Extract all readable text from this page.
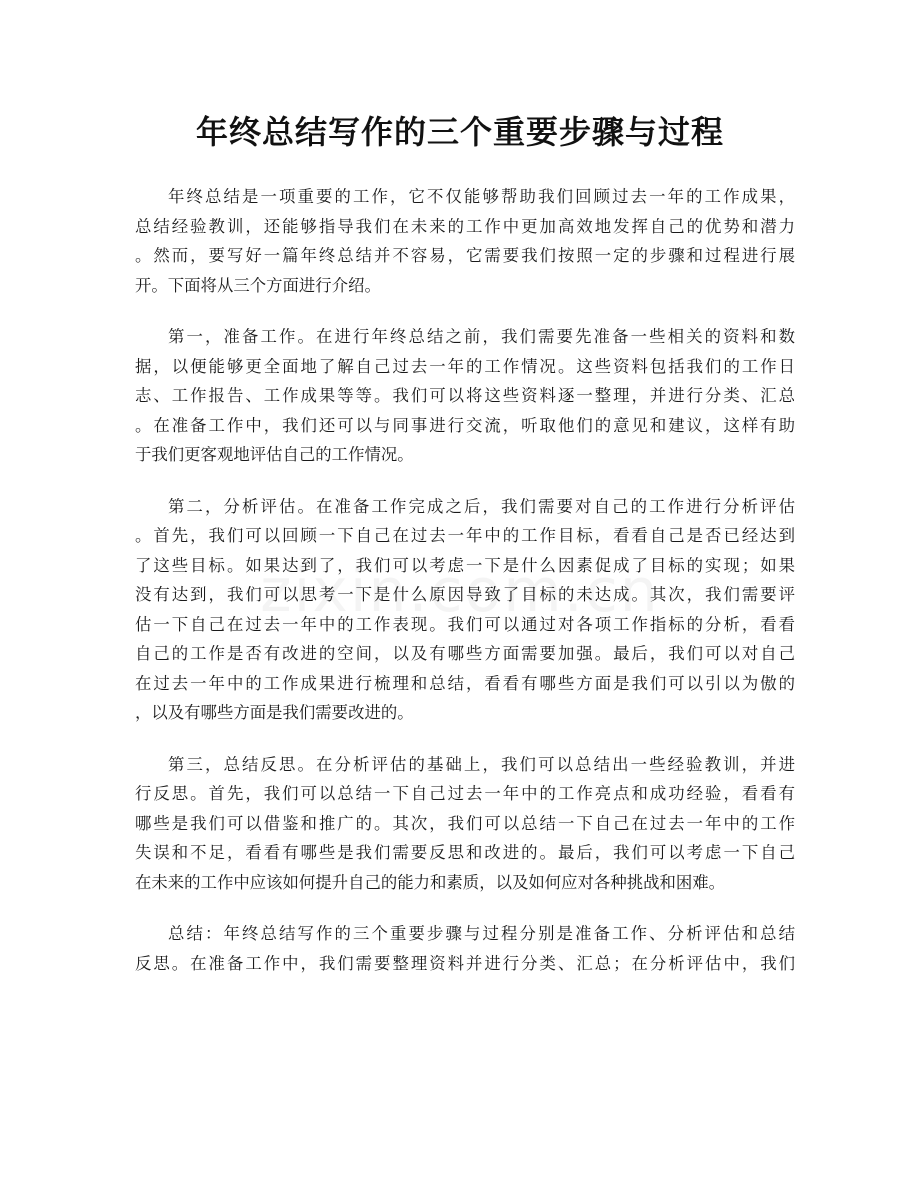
年终总结写作的三个重要步骤与过程

年终总结是一项重要的工作，它不仅能够帮助我们回顾过去一年的工作成果，
总结经验教训，还能够指导我们在未来的工作中更加高效地发挥自己的优势和潜力
。然而，要写好一篇年终总结并不容易，它需要我们按照一定的步骤和过程进行展
开。下面将从三个方面进行介绍。

第一，准备工作。在进行年终总结之前，我们需要先准备一些相关的资料和数
据，以便能够更全面地了解自己过去一年的工作情况。这些资料包括我们的工作日
志、工作报告、工作成果等等。我们可以将这些资料逐一整理，并进行分类、汇总
。在准备工作中，我们还可以与同事进行交流，听取他们的意见和建议，这样有助
于我们更客观地评估自己的工作情况。

第二，分析评估。在准备工作完成之后，我们需要对自己的工作进行分析评估
。首先，我们可以回顾一下自己在过去一年中的工作目标，看看自己是否已经达到
了这些目标。如果达到了，我们可以考虑一下是什么因素促成了目标的实现；如果
没有达到，我们可以思考一下是什么原因导致了目标的未达成。其次，我们需要评
估一下自己在过去一年中的工作表现。我们可以通过对各项工作指标的分析，看看
自己的工作是否有改进的空间，以及有哪些方面需要加强。最后，我们可以对自己
在过去一年中的工作成果进行梳理和总结，看看有哪些方面是我们可以引以为傲的
，以及有哪些方面是我们需要改进的。

第三，总结反思。在分析评估的基础上，我们可以总结出一些经验教训，并进
行反思。首先，我们可以总结一下自己过去一年中的工作亮点和成功经验，看看有
哪些是我们可以借鉴和推广的。其次，我们可以总结一下自己在过去一年中的工作
失误和不足，看看有哪些是我们需要反思和改进的。最后，我们可以考虑一下自己
在未来的工作中应该如何提升自己的能力和素质，以及如何应对各种挑战和困难。

总结：年终总结写作的三个重要步骤与过程分别是准备工作、分析评估和总结
反思。在准备工作中，我们需要整理资料并进行分类、汇总；在分析评估中，我们
